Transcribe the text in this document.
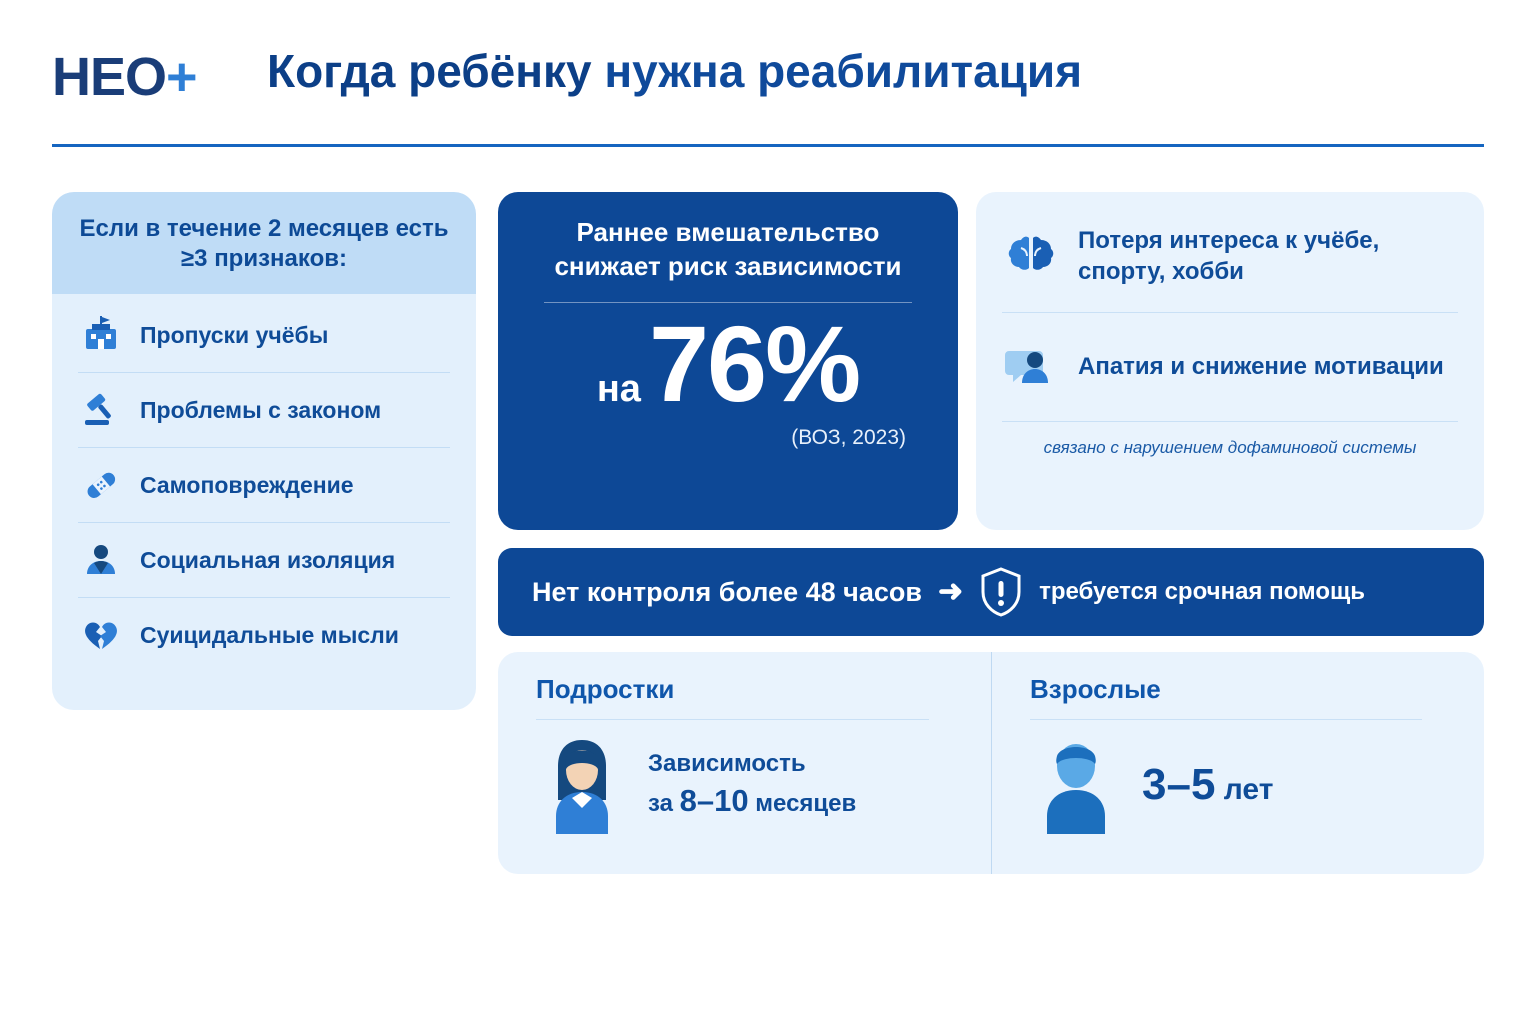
HEO+ Когда ребёнку нужна реабилитация
Если в течение 2 месяцев есть ≥3 признаков:
Пропуски учёбы
Проблемы с законом
Самоповреждение
Социальная изоляция
Суицидальные мысли
Раннее вмешательство снижает риск зависимости
на 76%
(ВОЗ, 2023)
Потеря интереса к учёбе, спорту, хобби
Апатия и снижение мотивации
связано с нарушением дофаминовой системы
Нет контроля более 48 часов ➜	требуется срочная помощь
Подростки
Зависимость
за 8–10 месяцев
Взрослые
3–5 лет
